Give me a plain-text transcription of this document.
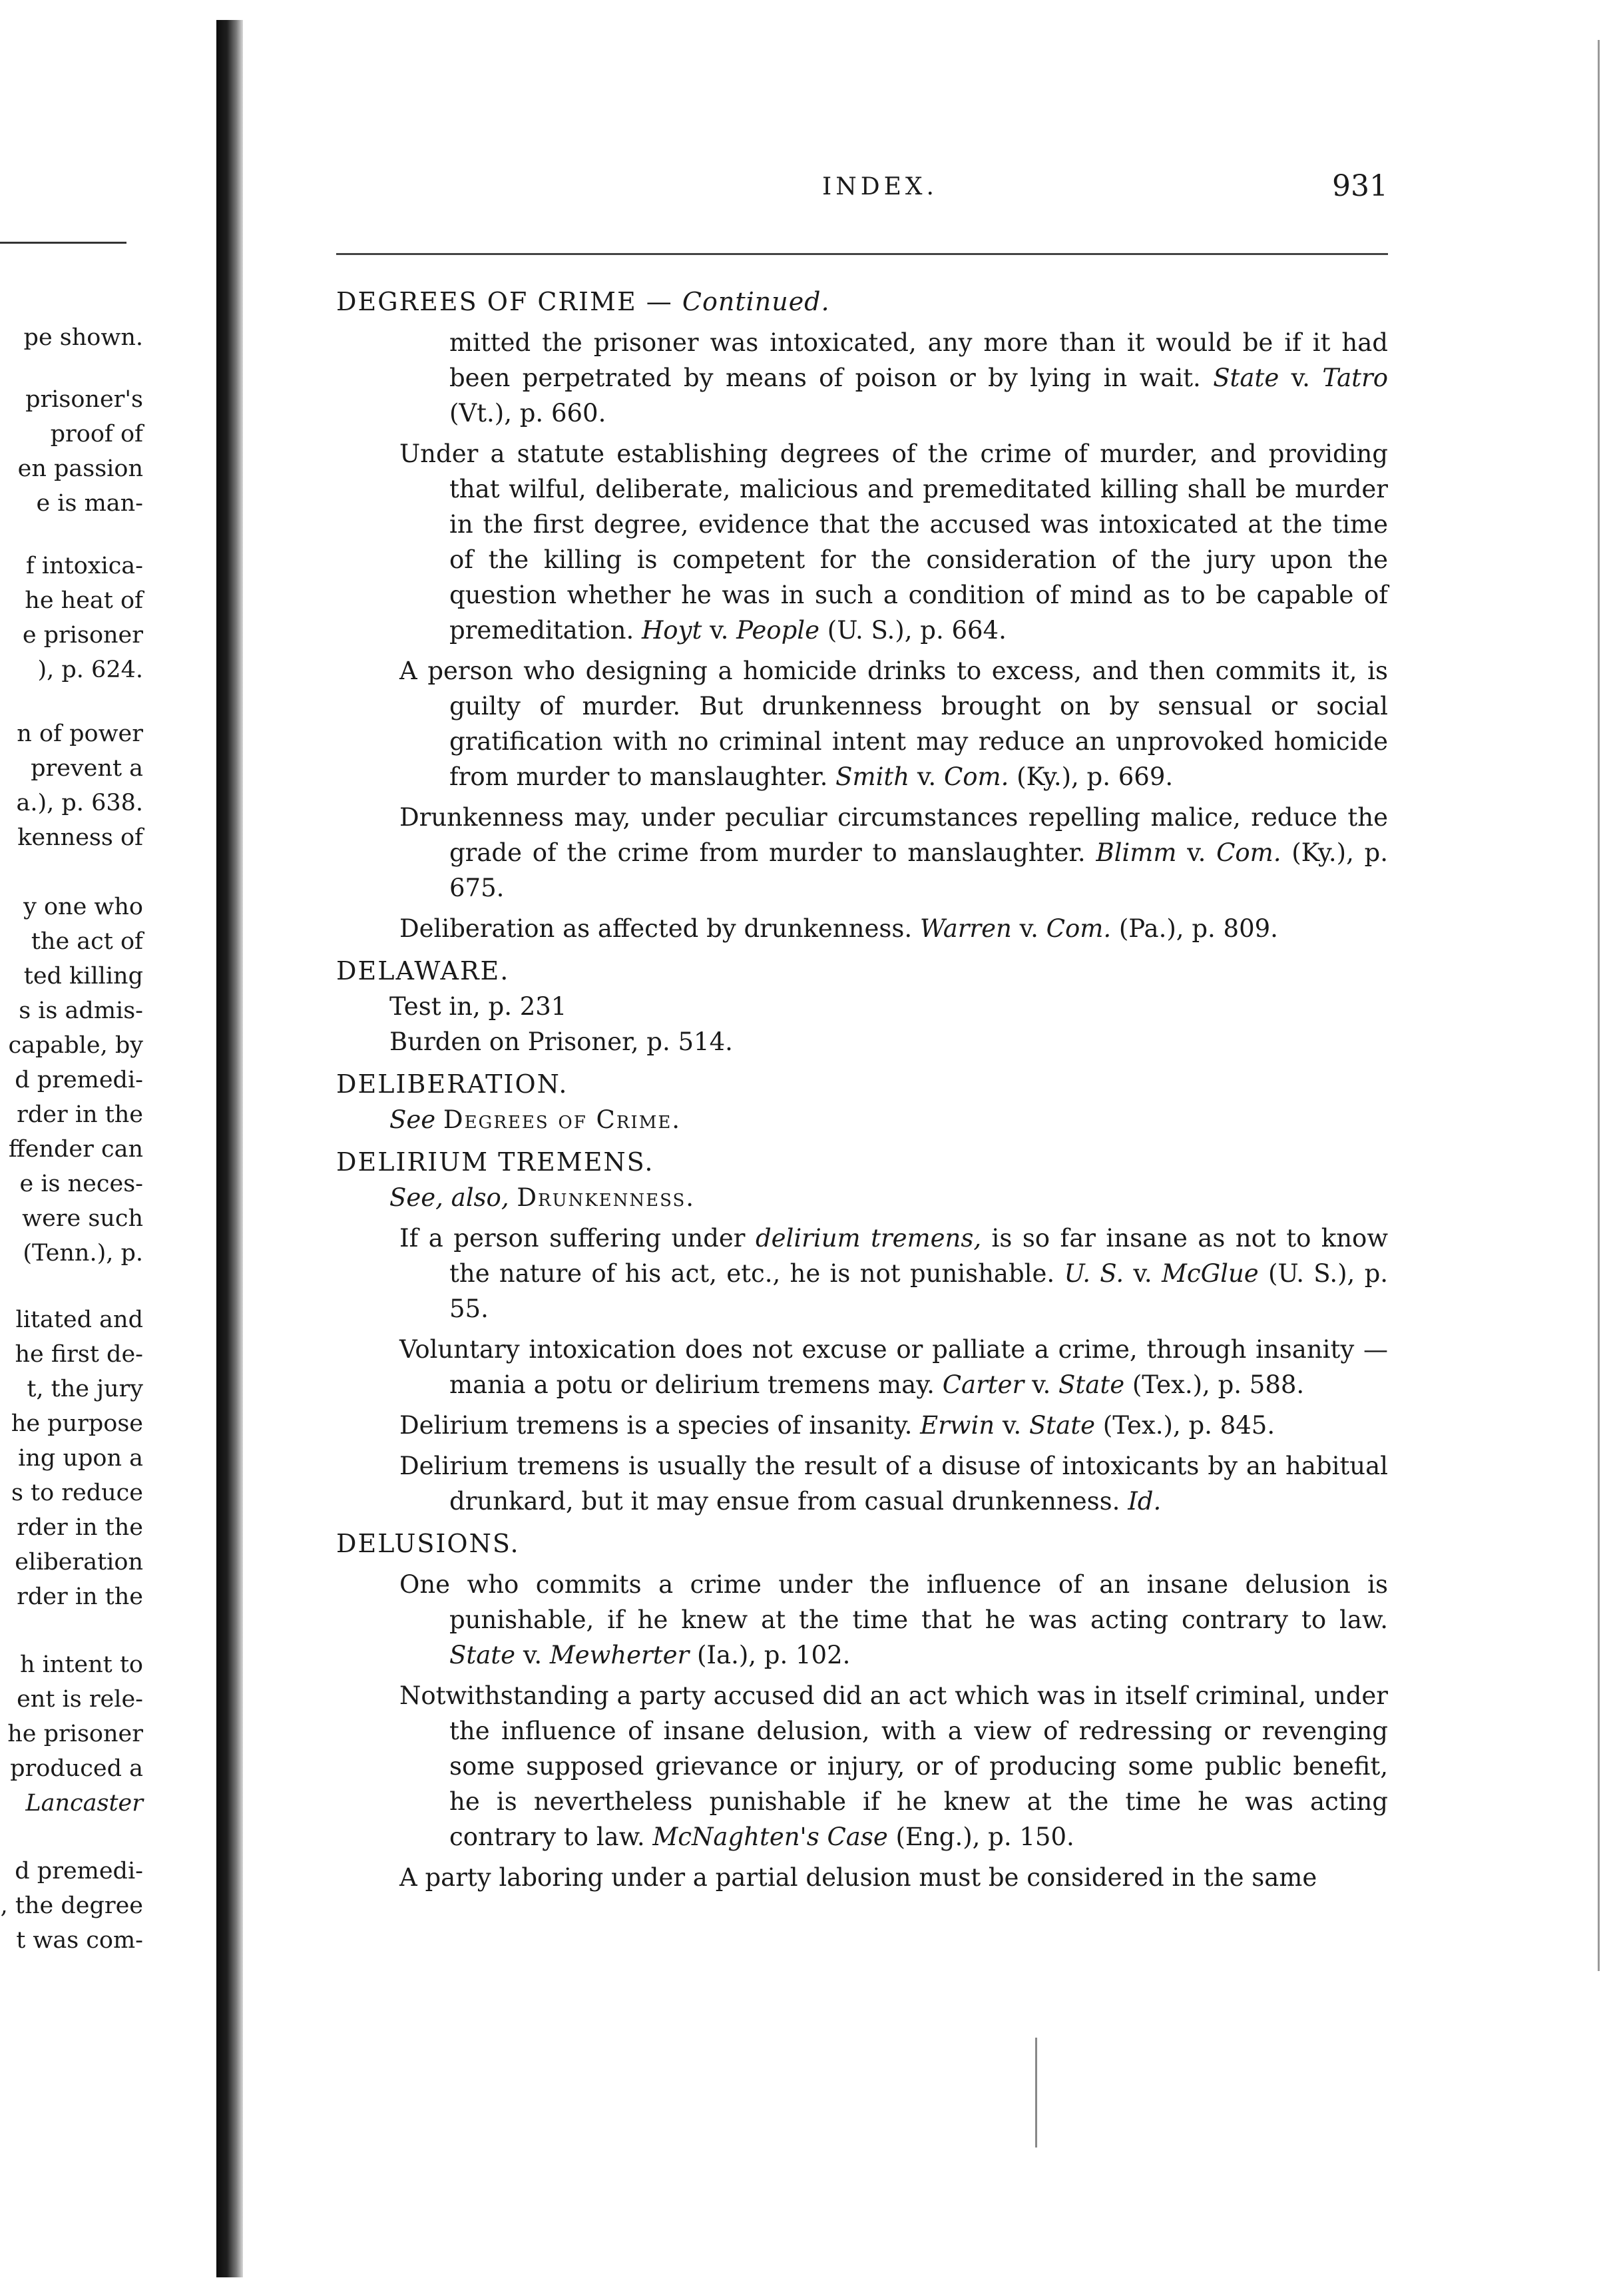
pe shown.
prisoner's
proof of
en passion
e is man-
f intoxica-
he heat of
e prisoner
), p. 624.
n of power
prevent a
a.), p. 638.
kenness of
y one who
the act of
ted killing
s is admis-
capable, by
d premedi-
rder in the
ffender can
e is neces-
were such
(Tenn.), p.
litated and
he first de-
t, the jury
he purpose
ing upon a
s to reduce
rder in the
eliberation
rder in the
h intent to
ent is rele-
he prisoner
produced a
Lancaster
d premedi-
, the degree
t was com-
INDEX.	931
DEGREES OF CRIME — Continued.
mitted the prisoner was intoxicated, any more than it would be if it had been perpetrated by means of poison or by lying in wait. State v. Tatro (Vt.), p. 660.
Under a statute establishing degrees of the crime of murder, and providing that wilful, deliberate, malicious and premeditated killing shall be murder in the first degree, evidence that the accused was intoxicated at the time of the killing is competent for the consideration of the jury upon the question whether he was in such a condition of mind as to be capable of premeditation. Hoyt v. People (U. S.), p. 664.
A person who designing a homicide drinks to excess, and then commits it, is guilty of murder. But drunkenness brought on by sensual or social gratification with no criminal intent may reduce an unprovoked homicide from murder to manslaughter. Smith v. Com. (Ky.), p. 669.
Drunkenness may, under peculiar circumstances repelling malice, reduce the grade of the crime from murder to manslaughter. Blimm v. Com. (Ky.), p. 675.
Deliberation as affected by drunkenness. Warren v. Com. (Pa.), p. 809.
DELAWARE.
Test in, p. 231
Burden on Prisoner, p. 514.
DELIBERATION.
See Degrees of Crime.
DELIRIUM TREMENS.
See, also, Drunkenness.
If a person suffering under delirium tremens, is so far insane as not to know the nature of his act, etc., he is not punishable. U. S. v. McGlue (U. S.), p. 55.
Voluntary intoxication does not excuse or palliate a crime, through insanity — mania a potu or delirium tremens may. Carter v. State (Tex.), p. 588.
Delirium tremens is a species of insanity. Erwin v. State (Tex.), p. 845.
Delirium tremens is usually the result of a disuse of intoxicants by an habitual drunkard, but it may ensue from casual drunkenness. Id.
DELUSIONS.
One who commits a crime under the influence of an insane delusion is punishable, if he knew at the time that he was acting contrary to law. State v. Mewherter (Ia.), p. 102.
Notwithstanding a party accused did an act which was in itself criminal, under the influence of insane delusion, with a view of redressing or revenging some supposed grievance or injury, or of producing some public benefit, he is nevertheless punishable if he knew at the time he was acting contrary to law. McNaghten's Case (Eng.), p. 150.
A party laboring under a partial delusion must be considered in the same
